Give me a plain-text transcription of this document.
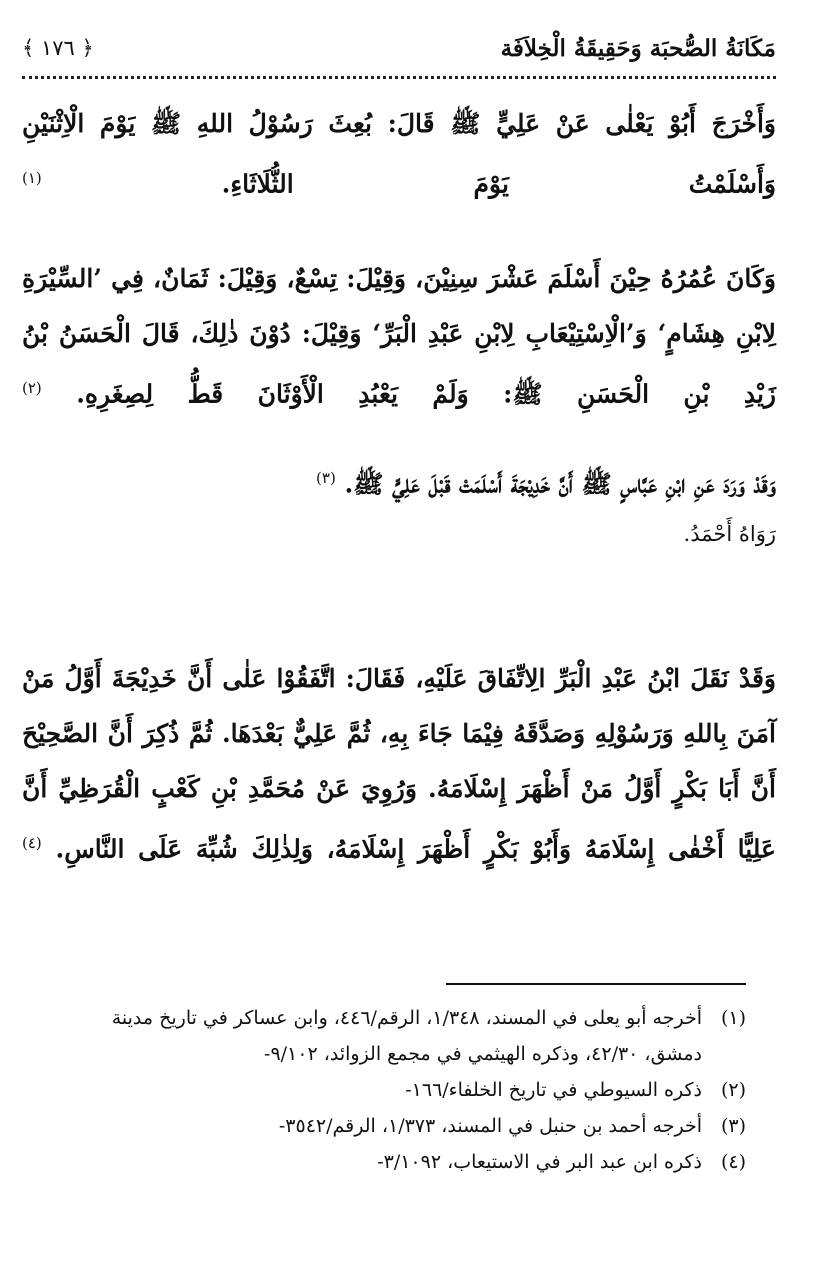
مَكَانَةُ الصُّحبَة وَحَقِيقَةُ الْخِلاَفَة
﴿ ١٧٦ ﴾

وَأَخْرَجَ أَبُوْ يَعْلٰى عَنْ عَلِيٍّ ﷺ قَالَ: بُعِثَ رَسُوْلُ اللهِ ﷺ يَوْمَ الْاِثْنَيْنِ وَأَسْلَمْتُ يَوْمَ الثُّلَاثَاءِ. $^{(١)}$

وَكَانَ عُمُرُهُ حِيْنَ أَسْلَمَ عَشْرَ سِنِيْنَ، وَقِيْلَ: تِسْعٌ، وَقِيْلَ: ثَمَانٌ، فِي ’السِّيْرَةِ لِابْنِ هِشَامٍ‘ وَ’الْاِسْتِيْعَابِ لِابْنِ عَبْدِ الْبَرِّ‘ وَقِيْلَ: دُوْنَ ذٰلِكَ، قَالَ الْحَسَنُ بْنُ زَيْدِ بْنِ الْحَسَنِ ﷺ: وَلَمْ يَعْبُدِ الْأَوْثَانَ قَطُّ لِصِغَرِهِ. $^{(٢)}$

وَقَدْ وَرَدَ عَنِ ابْنِ عَبَّاسٍ ﷺ أَنَّ خَدِيْجَةَ أَسْلَمَتْ قَبْلَ عَلِيٍّ ﷺ. $^{(٣)}$
رَوَاهُ أَحْمَدُ.

وَقَدْ نَقَلَ ابْنُ عَبْدِ الْبَرِّ الِاتِّفَاقَ عَلَيْهِ، فَقَالَ: اتَّفَقُوْا عَلٰى أَنَّ خَدِيْجَةَ أَوَّلُ مَنْ آمَنَ بِاللهِ وَرَسُوْلِهِ وَصَدَّقَهُ فِيْمَا جَاءَ بِهِ، ثُمَّ عَلِيٌّ بَعْدَهَا. ثُمَّ ذُكِرَ أَنَّ الصَّحِيْحَ أَنَّ أَبَا بَكْرٍ أَوَّلُ مَنْ أَظْهَرَ إِسْلَامَهُ. وَرُوِيَ عَنْ مُحَمَّدِ بْنِ كَعْبٍ الْقُرَظِيِّ أَنَّ عَلِيًّا أَخْفٰى إِسْلَامَهُ وَأَبُوْ بَكْرٍ أَظْهَرَ إِسْلَامَهُ، وَلِذٰلِكَ شُبِّهَ عَلَى النَّاسِ. $^{(٤)}$

(١)
أخرجه أبو يعلى في المسند، ١/٣٤٨، الرقم/٤٤٦، وابن عساكر في تاريخ مدينة دمشق، ٤٢/٣٠، وذكره الهيثمي في مجمع الزوائد، ٩/١٠٢-
(٢)
ذكره السيوطي في تاريخ الخلفاء/١٦٦-
(٣)
أخرجه أحمد بن حنبل في المسند، ١/٣٧٣، الرقم/٣٥٤٢-
(٤)
ذكره ابن عبد البر في الاستيعاب، ٣/١٠٩٢-
